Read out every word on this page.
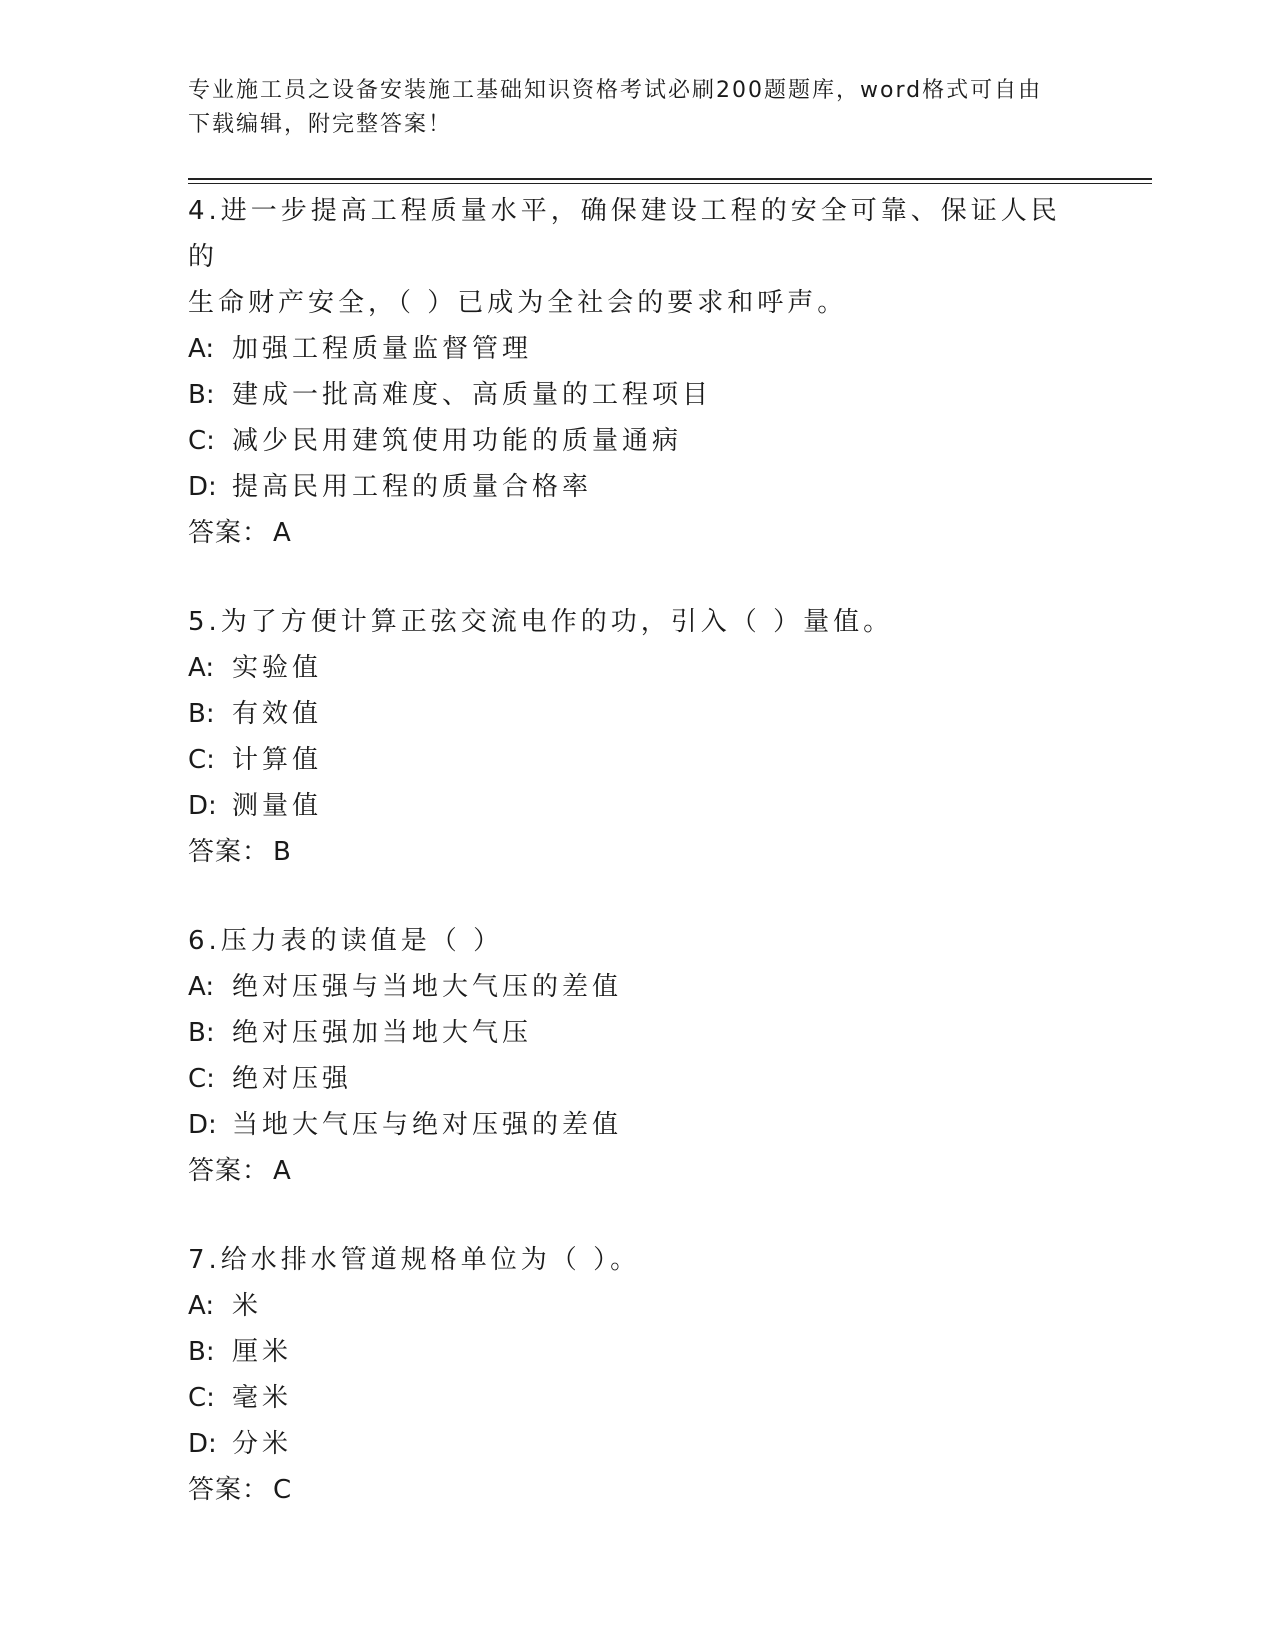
专业施工员之设备安装施工基础知识资格考试必刷200题题库，word格式可自由
下载编辑，附完整答案！

4.进一步提高工程质量水平，确保建设工程的安全可靠、保证人民的

生命财产安全，（ ）已成为全社会的要求和呼声。

A: 加强工程质量监督管理

B: 建成一批高难度、高质量的工程项目

C: 减少民用建筑使用功能的质量通病

D: 提高民用工程的质量合格率

答案： A

5.为了方便计算正弦交流电作的功，引入（ ）量值。

A: 实验值

B: 有效值

C: 计算值

D: 测量值

答案： B

6.压力表的读值是（ ）

A: 绝对压强与当地大气压的差值

B: 绝对压强加当地大气压

C: 绝对压强

D: 当地大气压与绝对压强的差值

答案： A

7.给水排水管道规格单位为（ ）。

A: 米

B: 厘米

C: 毫米

D: 分米

答案： C
